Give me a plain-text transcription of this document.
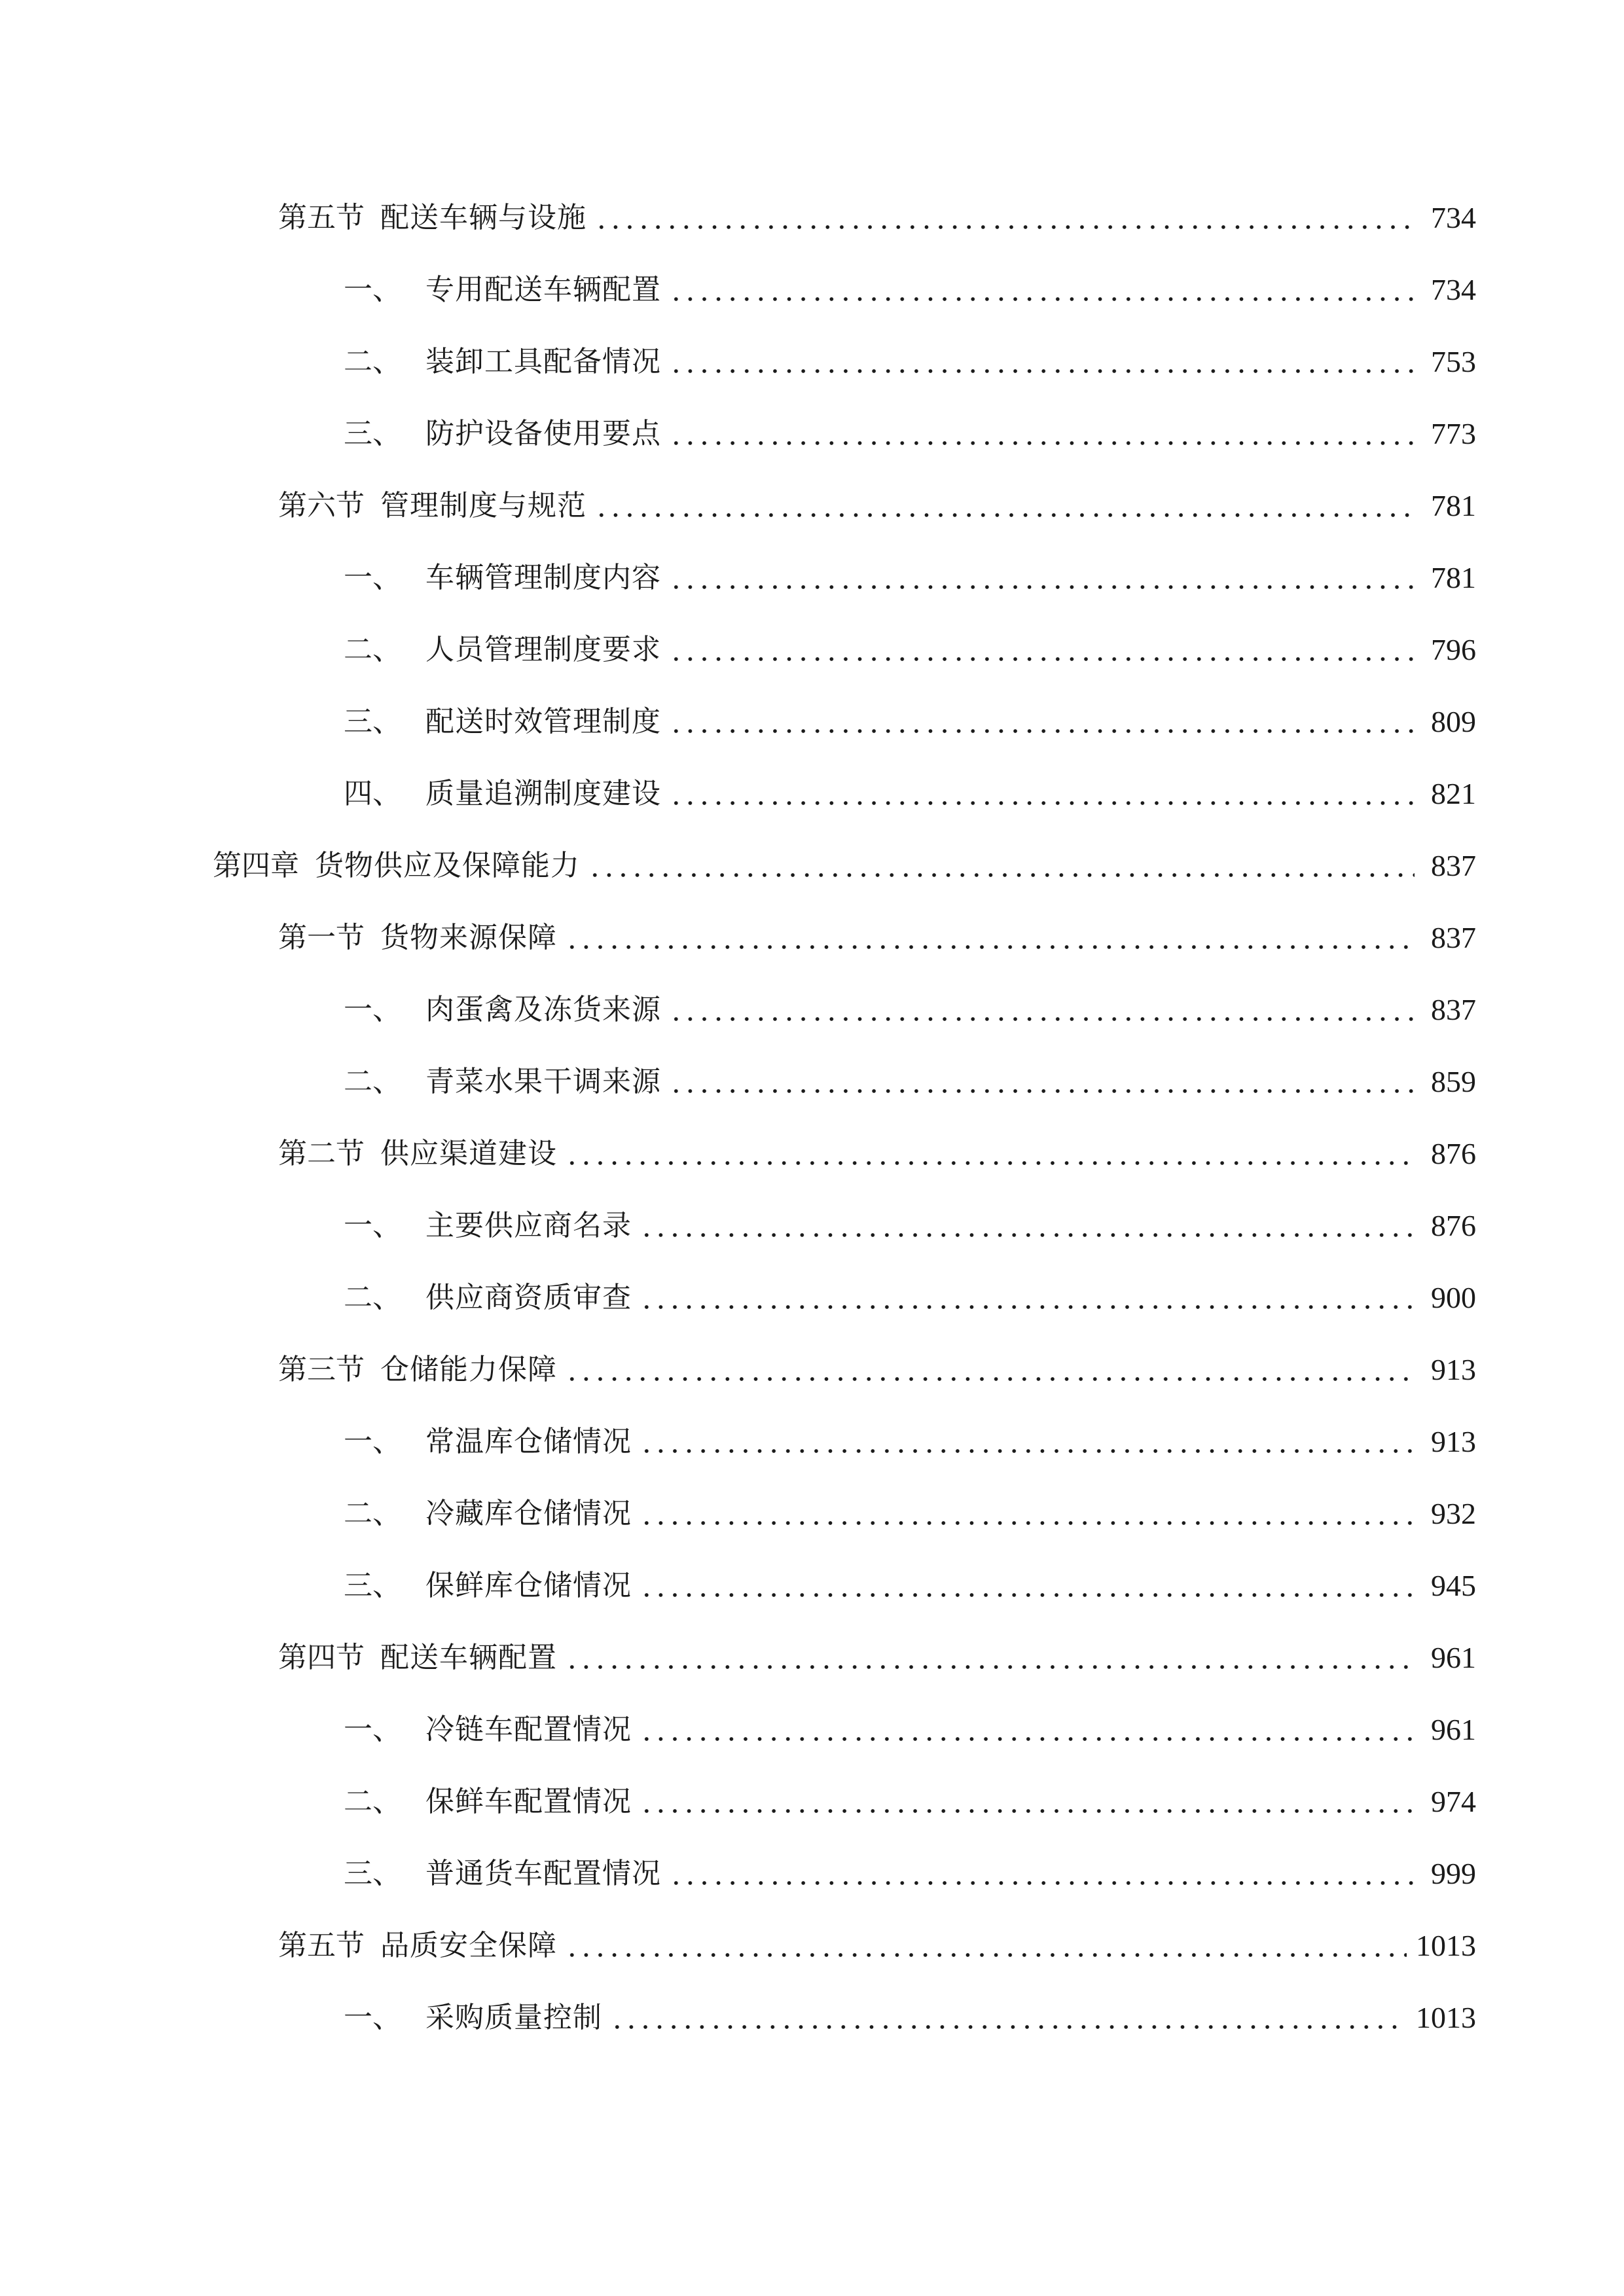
第五节 配送车辆与设施	734
一、 专用配送车辆配置	734
二、 装卸工具配备情况	753
三、 防护设备使用要点	773
第六节 管理制度与规范	781
一、 车辆管理制度内容	781
二、 人员管理制度要求	796
三、 配送时效管理制度	809
四、 质量追溯制度建设	821
第四章 货物供应及保障能力	837
第一节 货物来源保障	837
一、 肉蛋禽及冻货来源	837
二、 青菜水果干调来源	859
第二节 供应渠道建设	876
一、 主要供应商名录	876
二、 供应商资质审查	900
第三节 仓储能力保障	913
一、 常温库仓储情况	913
二、 冷藏库仓储情况	932
三、 保鲜库仓储情况	945
第四节 配送车辆配置	961
一、 冷链车配置情况	961
二、 保鲜车配置情况	974
三、 普通货车配置情况	999
第五节 品质安全保障	1013
一、 采购质量控制	1013
